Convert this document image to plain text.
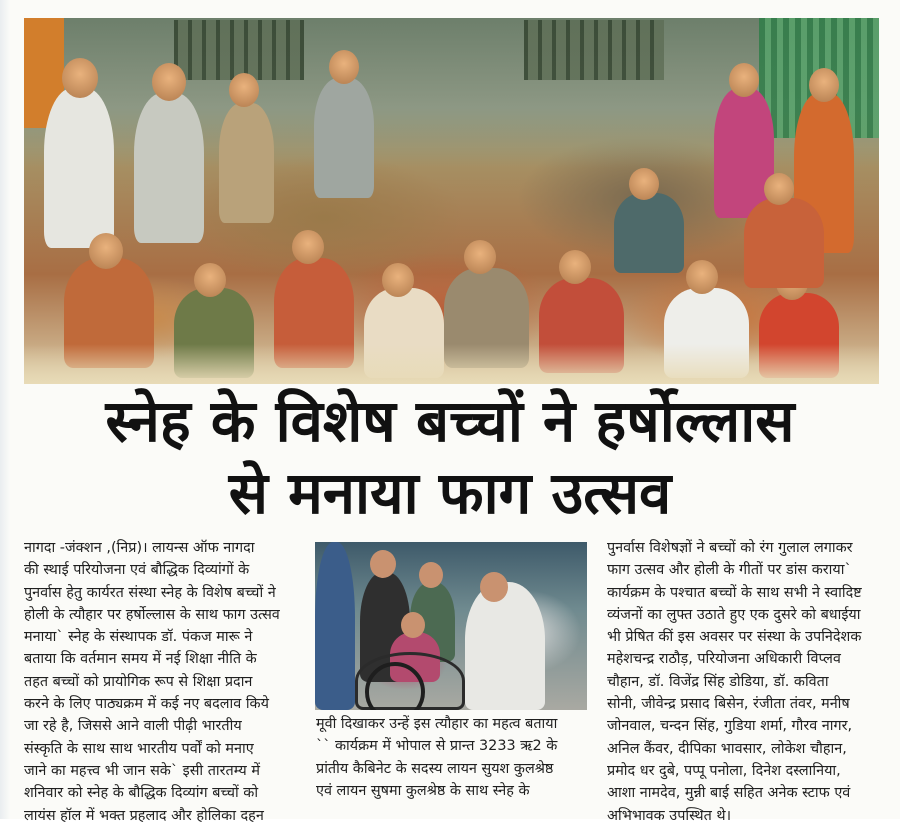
स्नेह के विशेष बच्चों ने हर्षोल्लास
से मनाया फाग उत्सव
नागदा -जंक्शन ,(निप्र)। लायन्स ऑफ नागदा
की स्थाई परियोजना एवं बौद्धिक दिव्यांगों के
पुनर्वास हेतु कार्यरत संस्था स्नेह के विशेष बच्चों ने
होली के त्यौहार पर हर्षोल्लास के साथ फाग उत्सव
मनाया` स्नेह के संस्थापक डॉ. पंकज मारू ने
बताया कि वर्तमान समय में नई शिक्षा नीति के
तहत बच्चों को प्रायोगिक रूप से शिक्षा प्रदान
करने के लिए पाठ्यक्रम में कई नए बदलाव किये
जा रहे है, जिससे आने वाली पीढ़ी भारतीय
संस्कृति के साथ साथ भारतीय पर्वों को मनाए
जाने का महत्त्व भी जान सके` इसी तारतम्य में
शनिवार को स्नेह के बौद्धिक दिव्यांग बच्चों को
लायंस हॉल में भक्त प्रहलाद और होलिका दहन
मूवी दिखाकर उन्हें इस त्यौहार का महत्व बताया
`` कार्यक्रम में भोपाल से प्रान्त 3233 ऋ2 के
प्रांतीय कैबिनेट के सदस्य लायन सुयश कुलश्रेष्ठ
एवं लायन सुषमा कुलश्रेष्ठ के साथ स्नेह के
पुनर्वास विशेषज्ञों ने बच्चों को रंग गुलाल लगाकर
फाग उत्सव और होली के गीतों पर डांस कराया`
कार्यक्रम के पश्चात बच्चों के साथ सभी ने स्वादिष्ट
व्यंजनों का लुफ्त उठाते हुए एक दुसरे को बधाईया
भी प्रेषित कीं इस अवसर पर संस्था के उपनिदेशक
महेशचन्द्र राठौड़, परियोजना अधिकारी विप्लव
चौहान, डॉ. विजेंद्र सिंह डोडिया, डॉ. कविता
सोनी, जीवेन्द्र प्रसाद बिसेन, रंजीता तंवर, मनीष
जोनवाल, चन्दन सिंह, गुडिया शर्मा, गौरव नागर,
अनिल कैंवर, दीपिका भावसार, लोकेश चौहान,
प्रमोद धर दुबे, पप्पू पनोला, दिनेश दस्लानिया,
आशा नामदेव, मुन्नी बाई सहित अनेक स्टाफ एवं
अभिभावक उपस्थित थे।
